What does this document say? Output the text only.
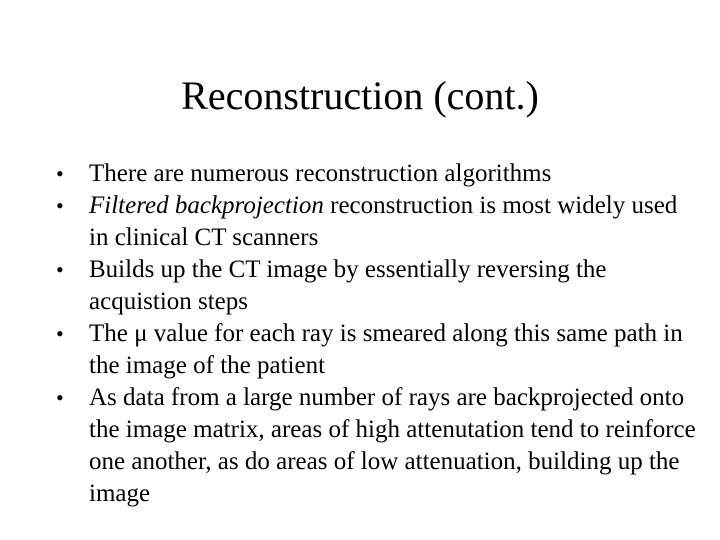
Reconstruction (cont.)
• There are numerous reconstruction algorithms
• Filtered backprojection reconstruction is most widely used in clinical CT scanners
• Builds up the CT image by essentially reversing the acquistion steps
• The μ value for each ray is smeared along this same path in the image of the patient
• As data from a large number of rays are backprojected onto the image matrix, areas of high attenutation tend to reinforce one another, as do areas of low attenuation, building up the image
